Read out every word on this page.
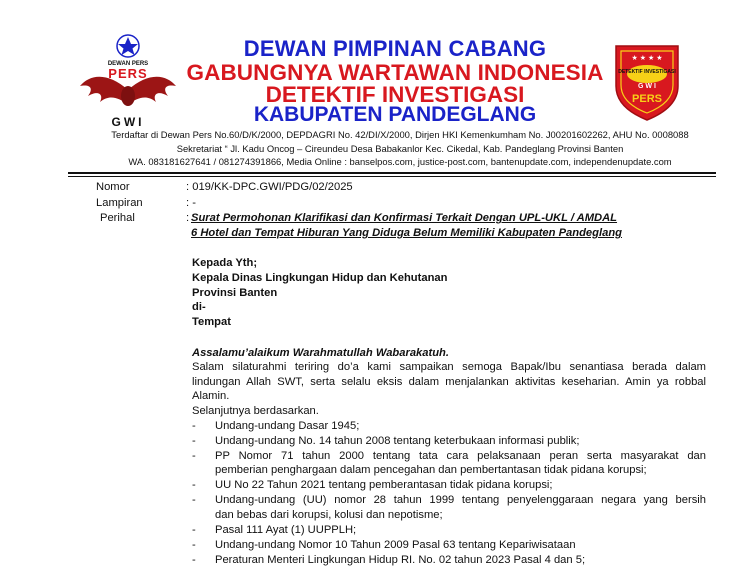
DEWAN PERS
PERS
GWI
★ ★ ★ ★
DETEKTIF INVESTIGASI
G W I
PERS
DEWAN PIMPINAN CABANG
GABUNGNYA WARTAWAN INDONESIA
DETEKTIF INVESTIGASI
KABUPATEN PANDEGLANG
Terdaftar di Dewan Pers No.60/D/K/2000, DEPDAGRI No. 42/DI/X/2000, Dirjen HKI Kemenkumham No. J00201602262, AHU No. 0008088
Sekretariat “ Jl. Kadu Oncog – Cireundeu Desa Babakanlor Kec. Cikedal, Kab. Pandeglang Provinsi Banten
WA. 083181627641 / 081274391866, Media Online : banselpos.com, justice-post.com, bantenupdate.com, independenupdate.com
Nomor	: 019/KK-DPC.GWI/PDG/02/2025
Lampiran	: -
Perihal	: Surat Permohonan Klarifikasi dan Konfirmasi Terkait Dengan UPL-UKL / AMDAL
6 Hotel dan Tempat Hiburan Yang Diduga Belum Memiliki Kabupaten Pandeglang
Kepada Yth;
Kepala Dinas Lingkungan Hidup dan Kehutanan
Provinsi Banten
di-
Tempat
Assalamu’alaikum Warahmatullah Wabarakatuh.
Salam silaturahmi teriring do’a kami sampaikan semoga Bapak/Ibu senantiasa berada dalam
lindungan Allah SWT, serta selalu eksis dalam menjalankan aktivitas keseharian. Amin ya robbal
Alamin.
Selanjutnya berdasarkan.
- Undang-undang Dasar 1945;
- Undang-undang No. 14 tahun 2008 tentang keterbukaan informasi publik;
- PP Nomor 71 tahun 2000 tentang tata cara pelaksanaan peran serta masyarakat dan
pemberian penghargaan dalam pencegahan dan pembertantasan tidak pidana korupsi;
- UU No 22 Tahun 2021 tentang pemberantasan tidak pidana korupsi;
- Undang-undang (UU) nomor 28 tahun 1999 tentang penyelenggaraan negara yang bersih
dan bebas dari korupsi, kolusi dan nepotisme;
- Pasal 111 Ayat (1) UUPPLH;
- Undang-undang Nomor 10 Tahun 2009 Pasal 63 tentang Kepariwisataan
- Peraturan Menteri Lingkungan Hidup RI. No. 02 tahun 2023 Pasal 4 dan 5;
